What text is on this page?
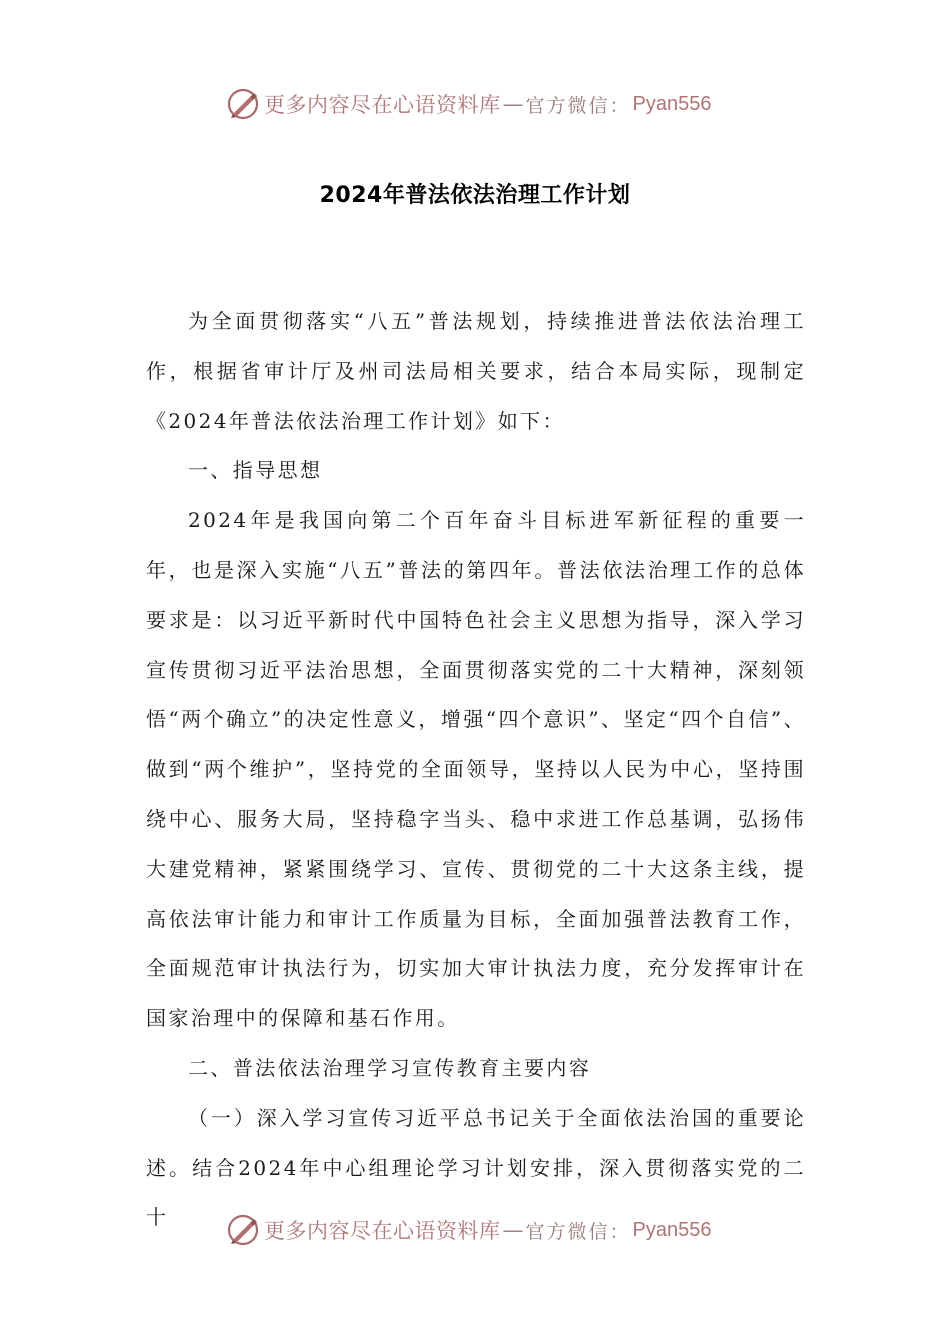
更多内容尽在心语资料库 — 官方微信： Pyan556
2024年普法依法治理工作计划

为全面贯彻落实“八五”普法规划，持续推进普法依法治理工作，根据省审计厅及州司法局相关要求，结合本局实际，现制定《2024年普法依法治理工作计划》如下：

一、指导思想

2024年是我国向第二个百年奋斗目标进军新征程的重要一年，也是深入实施“八五”普法的第四年。普法依法治理工作的总体要求是：以习近平新时代中国特色社会主义思想为指导，深入学习宣传贯彻习近平法治思想，全面贯彻落实党的二十大精神，深刻领悟“两个确立”的决定性意义，增强“四个意识”、坚定“四个自信”、做到“两个维护”，坚持党的全面领导，坚持以人民为中心，坚持围绕中心、服务大局，坚持稳字当头、稳中求进工作总基调，弘扬伟大建党精神，紧紧围绕学习、宣传、贯彻党的二十大这条主线，提高依法审计能力和审计工作质量为目标，全面加强普法教育工作，全面规范审计执法行为，切实加大审计执法力度，充分发挥审计在国家治理中的保障和基石作用。

二、普法依法治理学习宣传教育主要内容

（一）深入学习宣传习近平总书记关于全面依法治国的重要论述。结合2024年中心组理论学习计划安排，深入贯彻落实党的二十

更多内容尽在心语资料库 — 官方微信： Pyan556
